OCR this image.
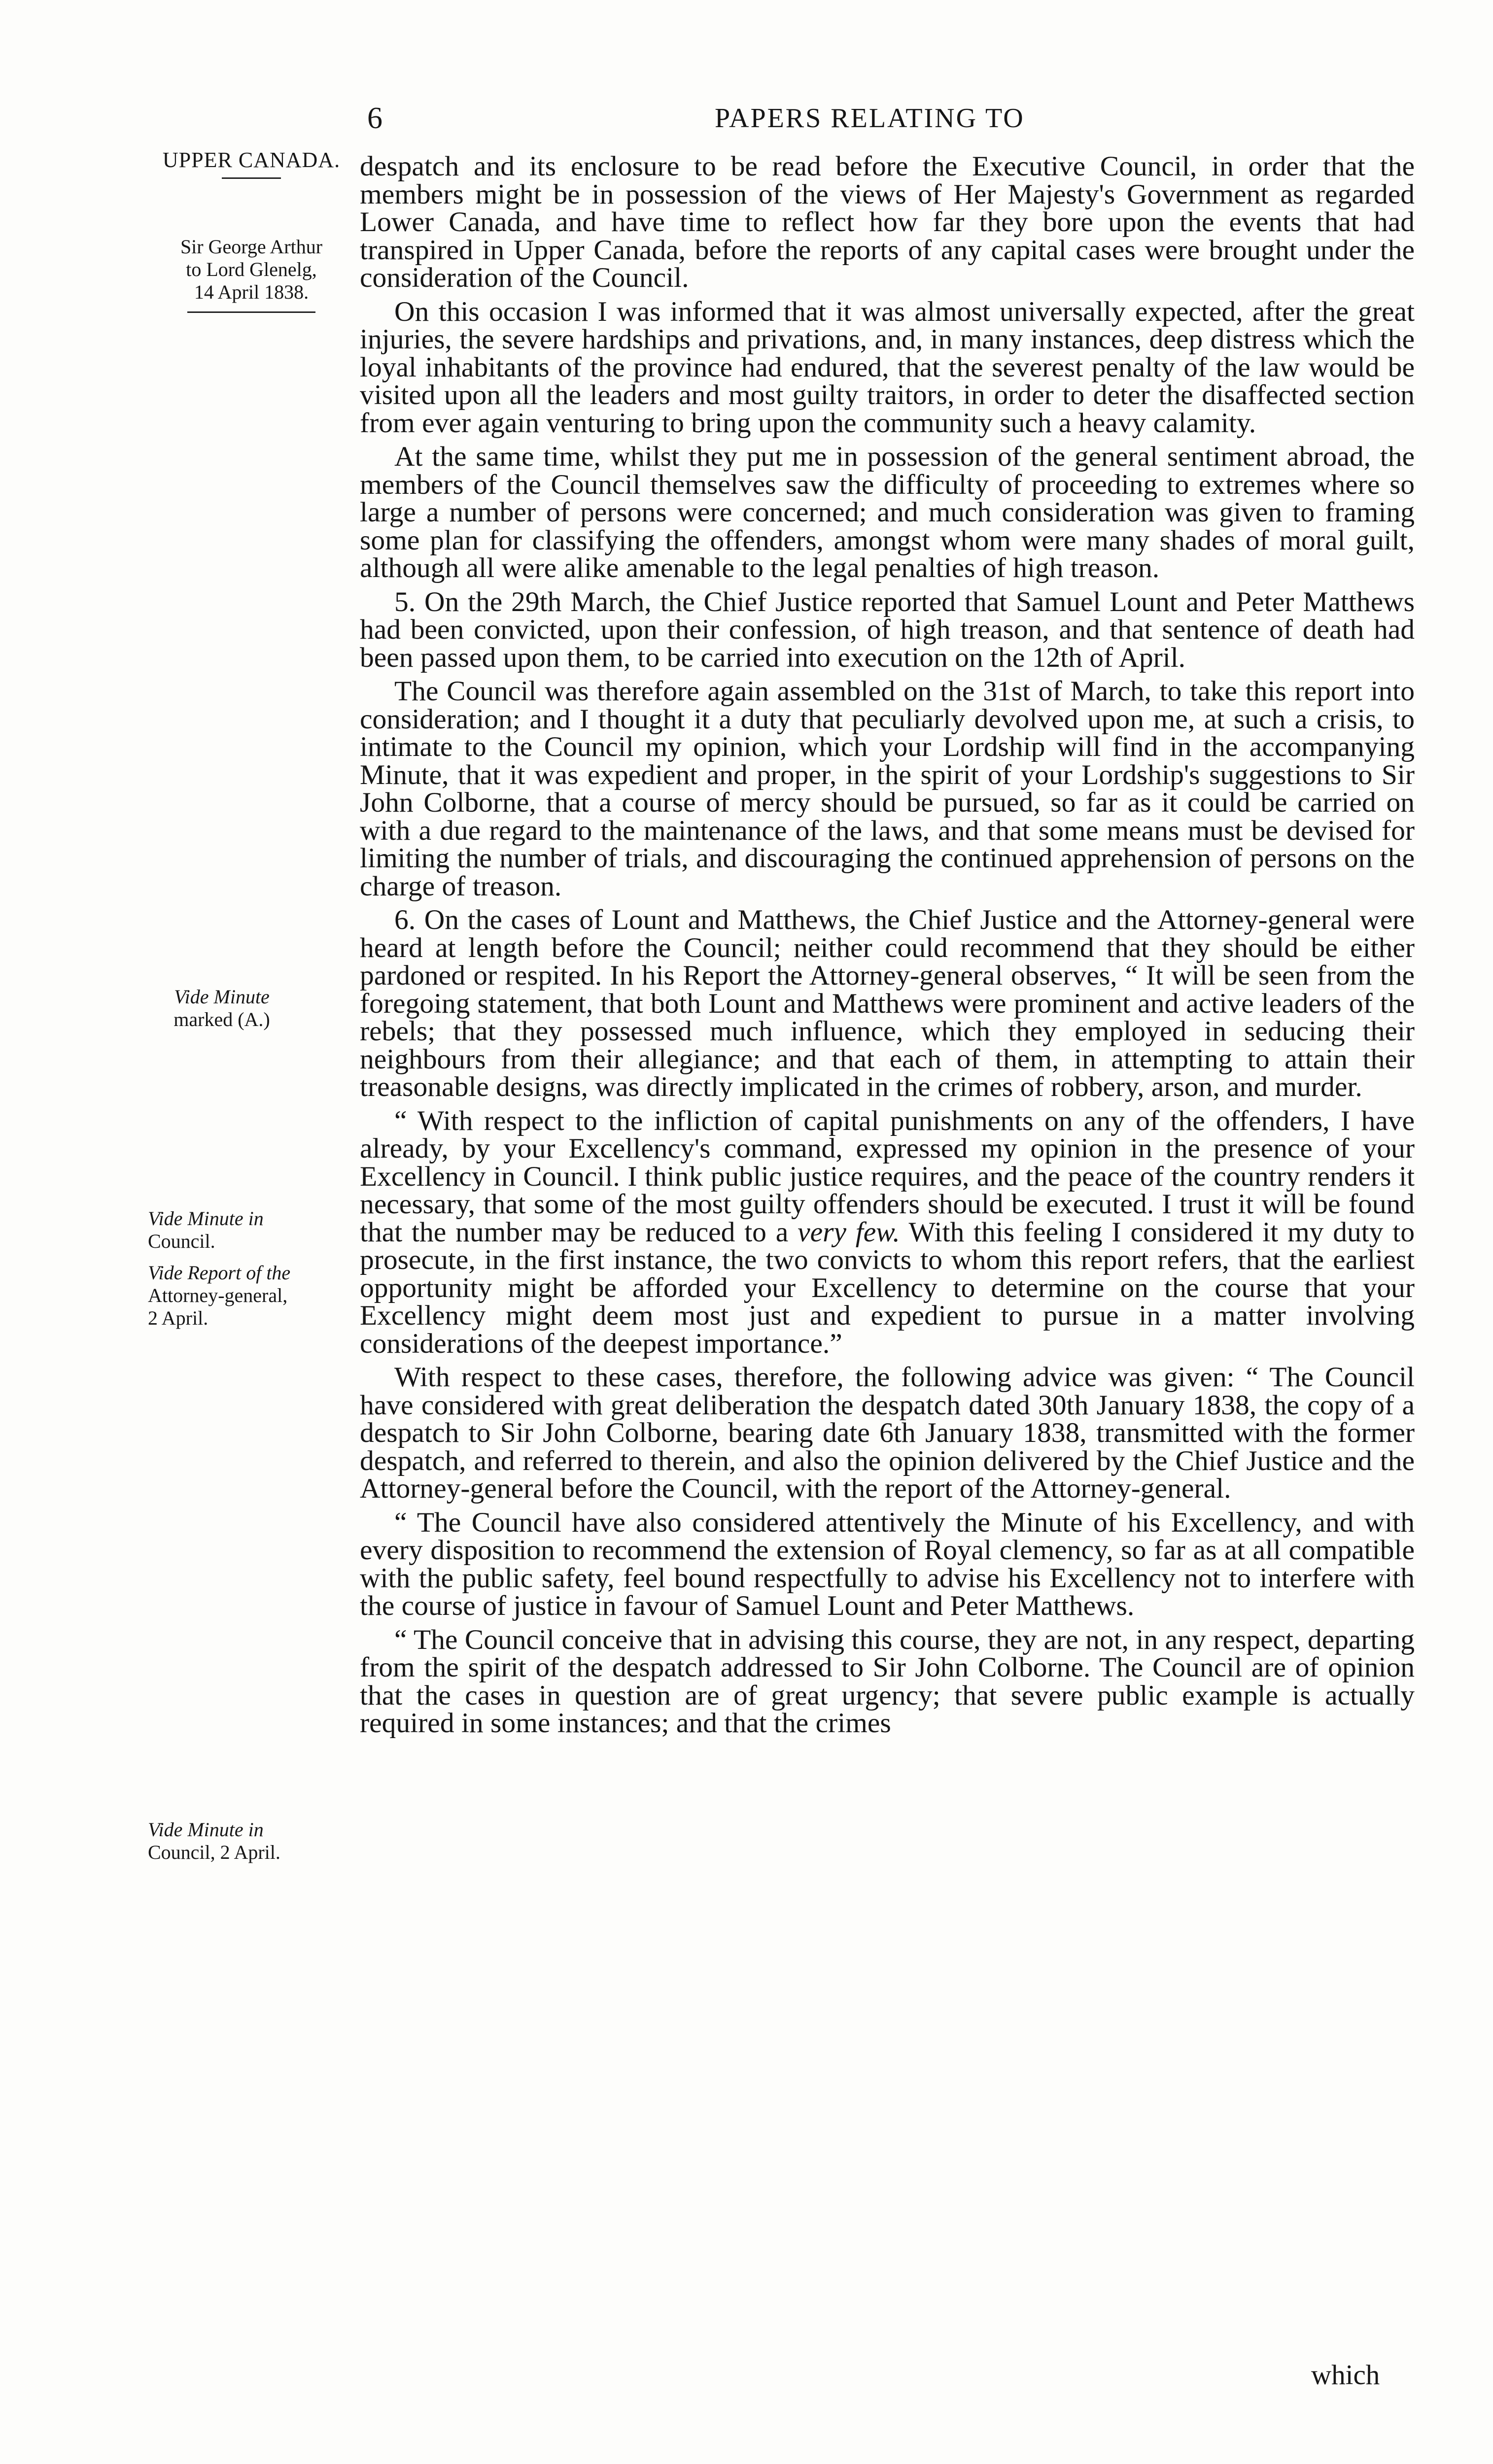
6	PAPERS RELATING TO
UPPER CANADA.
Sir George Arthur
to Lord Glenelg,
14 April 1838.
Vide Minute
marked (A.)
Vide Minute in
Council.
Vide Report of the
Attorney-general,
2 April.
Vide Minute in
Council, 2 April.

despatch and its enclosure to be read before the Executive Council, in order that the members might be in possession of the views of Her Majesty's Government as regarded Lower Canada, and have time to reflect how far they bore upon the events that had transpired in Upper Canada, before the reports of any capital cases were brought under the consideration of the Council.

On this occasion I was informed that it was almost universally expected, after the great injuries, the severe hardships and privations, and, in many instances, deep distress which the loyal inhabitants of the province had endured, that the severest penalty of the law would be visited upon all the leaders and most guilty traitors, in order to deter the disaffected section from ever again venturing to bring upon the community such a heavy calamity.

At the same time, whilst they put me in possession of the general sentiment abroad, the members of the Council themselves saw the difficulty of proceeding to extremes where so large a number of persons were concerned; and much consideration was given to framing some plan for classifying the offenders, amongst whom were many shades of moral guilt, although all were alike amenable to the legal penalties of high treason.

5. On the 29th March, the Chief Justice reported that Samuel Lount and Peter Matthews had been convicted, upon their confession, of high treason, and that sentence of death had been passed upon them, to be carried into execution on the 12th of April.

The Council was therefore again assembled on the 31st of March, to take this report into consideration; and I thought it a duty that peculiarly devolved upon me, at such a crisis, to intimate to the Council my opinion, which your Lordship will find in the accompanying Minute, that it was expedient and proper, in the spirit of your Lordship's suggestions to Sir John Colborne, that a course of mercy should be pursued, so far as it could be carried on with a due regard to the maintenance of the laws, and that some means must be devised for limiting the number of trials, and discouraging the continued apprehension of persons on the charge of treason.

6. On the cases of Lount and Matthews, the Chief Justice and the Attorney-general were heard at length before the Council; neither could recommend that they should be either pardoned or respited. In his Report the Attorney-general observes, “ It will be seen from the foregoing statement, that both Lount and Matthews were prominent and active leaders of the rebels; that they possessed much influence, which they employed in seducing their neighbours from their allegiance; and that each of them, in attempting to attain their treasonable designs, was directly implicated in the crimes of robbery, arson, and murder.

“ With respect to the infliction of capital punishments on any of the offenders, I have already, by your Excellency's command, expressed my opinion in the presence of your Excellency in Council. I think public justice requires, and the peace of the country renders it necessary, that some of the most guilty offenders should be executed. I trust it will be found that the number may be reduced to a very few. With this feeling I considered it my duty to prosecute, in the first instance, the two convicts to whom this report refers, that the earliest opportunity might be afforded your Excellency to determine on the course that your Excellency might deem most just and expedient to pursue in a matter involving considerations of the deepest importance.”

With respect to these cases, therefore, the following advice was given: “ The Council have considered with great deliberation the despatch dated 30th January 1838, the copy of a despatch to Sir John Colborne, bearing date 6th January 1838, transmitted with the former despatch, and referred to therein, and also the opinion delivered by the Chief Justice and the Attorney-general before the Council, with the report of the Attorney-general.

“ The Council have also considered attentively the Minute of his Excellency, and with every disposition to recommend the extension of Royal clemency, so far as at all compatible with the public safety, feel bound respectfully to advise his Excellency not to interfere with the course of justice in favour of Samuel Lount and Peter Matthews.

“ The Council conceive that in advising this course, they are not, in any respect, departing from the spirit of the despatch addressed to Sir John Colborne. The Council are of opinion that the cases in question are of great urgency; that severe public example is actually required in some instances; and that the crimes

which
